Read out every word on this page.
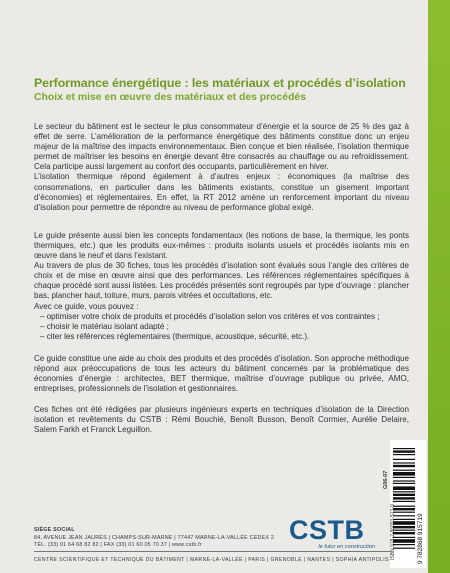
Performance énergétique : les matériaux et procédés d’isolation
Choix et mise en œuvre des matériaux et des procédés

Le secteur du bâtiment est le secteur le plus consommateur d’énergie et la source de 25 % des gaz à effet de serre. L’amélioration de la performance énergétique des bâtiments constitue donc un enjeu majeur de la maîtrise des impacts environnementaux. Bien conçue et bien réalisée, l’isolation thermique permet de maîtriser les besoins en énergie devant être consacrés au chauffage ou au refroidissement. Cela participe aussi largement au confort des occupants, particulièrement en hiver.

L’isolation thermique répond également à d’autres enjeux : économiques (la maîtrise des consommations, en particulier dans les bâtiments existants, constitue un gisement important d’économies) et réglementaires. En effet, la RT 2012 amène un renforcement important du niveau d’isolation pour permettre de répondre au niveau de performance global exigé.

Le guide présente aussi bien les concepts fondamentaux (les notions de base, la thermique, les ponts thermiques, etc.) que les produits eux-mêmes : produits isolants usuels et procédés isolants mis en œuvre dans le neuf et dans l’existant.

Au travers de plus de 30 fiches, tous les procédés d’isolation sont évalués sous l’angle des critères de choix et de mise en œuvre ainsi que des performances. Les références réglementaires spécifiques à chaque procédé sont aussi listées. Les procédés présentés sont regroupés par type d’ouvrage : plancher bas, plancher haut, toiture, murs, parois vitrées et occultations, etc.

Avec ce guide, vous pouvez :

– optimiser votre choix de produits et procédés d’isolation selon vos critères et vos contraintes ;
– choisir le matériau isolant adapté ;
– citer les références réglementaires (thermique, acoustique, sécurité, etc.).

Ce guide constitue une aide au choix des produits et des procédés d’isolation. Son approche méthodique répond aux préoccupations de tous les acteurs du bâtiment concernés par la problématique des économies d’énergie : architectes, BET thermique, maîtrise d’ouvrage publique ou privée, AMO, entreprises, professionnels de l’isolation et gestionnaires.

Ces fiches ont été rédigées par plusieurs ingénieurs experts en techniques d’isolation de la Direction isolation et revêtements du CSTB : Rémi Bouchié, Benoît Busson, Benoît Cormier, Aurélie Delaire, Salem Farkh et Franck Leguillon.

SIÈGE SOCIAL
84, AVENUE JEAN JAURÈS | CHAMPS-SUR-MARNE | 77447 MARNE-LA-VALLÉE CEDEX 2
TÉL. (33) 01 64 68 82 82 | FAX (33) 01 60 05 70 37 | www.cstb.fr	CSTB
le futur en construction
CENTRE SCIENTIFIQUE ET TECHNIQUE DU BÂTIMENT | MARNE-LA-VALLÉE | PARIS | GRENOBLE | NANTES | SOPHIA ANTIPOLIS	9 782868 915719
G06-07
ISBN 978-2-86891-571-9
